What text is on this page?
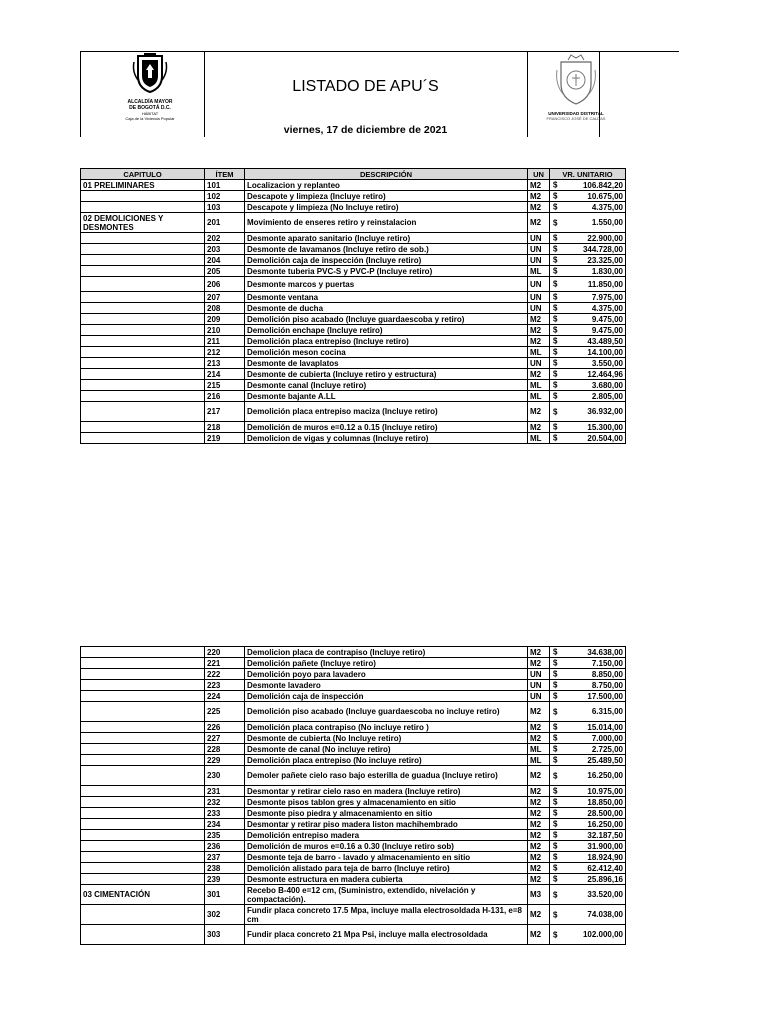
ALCALDÍA MAYOR
DE BOGOTÁ D.C.
HÁBITAT
Caja de la Vivienda Popular
LISTADO DE APU´S
viernes, 17 de diciembre de 2021
UNIVERSIDAD DISTRITAL
FRANCISCO JOSÉ DE CALDAS
CAPITULO	ÍTEM	DESCRIPCIÓN	UN	VR. UNITARIO
01 PRELIMINARES	101	Localizacion y replanteo	M2	$ 106.842,20

	102	Descapote y limpieza (Incluye retiro)	M2	$ 10.675,00

	103	Descapote y limpieza (No Incluye retiro)	M2	$ 4.375,00

02 DEMOLICIONES Y DESMONTES	201	Movimiento de enseres retiro y reinstalacion	M2	$ 1.550,00

	202	Desmonte aparato sanitario (Incluye retiro)	UN	$ 22.900,00

	203	Desmonte de lavamanos (Incluye retiro de sob.)	UN	$ 344.728,00

	204	Demolición caja de inspección (Incluye retiro)	UN	$ 23.325,00

	205	Desmonte tuberia PVC-S y PVC-P (Incluye retiro)	ML	$ 1.830,00

	206	Desmonte marcos y puertas	UN	$ 11.850,00

	207	Desmonte ventana	UN	$ 7.975,00

	208	Desmonte de ducha	UN	$ 4.375,00

	209	Demolición piso acabado (Incluye guardaescoba y retiro)	M2	$ 9.475,00

	210	Demolición enchape (Incluye retiro)	M2	$ 9.475,00

	211	Demolición placa entrepiso (Incluye retiro)	M2	$ 43.489,50

	212	Demolición meson cocina	ML	$ 14.100,00

	213	Desmonte de lavaplatos	UN	$ 3.550,00

	214	Desmonte de cubierta (Incluye retiro y estructura)	M2	$ 12.464,96

	215	Desmonte canal (Incluye retiro)	ML	$ 3.680,00

	216	Desmonte bajante A.LL	ML	$ 2.805,00

	217	Demolición placa entrepiso maciza (Incluye retiro)	M2	$ 36.932,00

	218	Demolición de muros e=0.12 a 0.15 (Incluye retiro)	M2	$ 15.300,00

	219	Demolicion de vigas y columnas (Incluye retiro)	ML	$ 20.504,00
	220	Demolicion placa de contrapiso (Incluye retiro)	M2	$ 34.638,00

	221	Demolición pañete (Incluye retiro)	M2	$ 7.150,00

	222	Demolición poyo para lavadero	UN	$ 8.850,00

	223	Desmonte lavadero	UN	$ 8.750,00

	224	Demolición caja de inspección	UN	$ 17.500,00

	225	Demolición piso acabado (Incluye guardaescoba no incluye retiro)	M2	$ 6.315,00

	226	Demolición placa contrapiso (No incluye retiro )	M2	$ 15.014,00

	227	Desmonte de cubierta (No Incluye retiro)	M2	$ 7.000,00

	228	Desmonte de canal (No incluye retiro)	ML	$ 2.725,00

	229	Demolición placa entrepiso (No incluye retiro)	ML	$ 25.489,50

	230	Demoler pañete cielo raso bajo esterilla de guadua (Incluye retiro)	M2	$ 16.250,00

	231	Desmontar y retirar cielo raso en madera (Incluye retiro)	M2	$ 10.975,00

	232	Desmonte pisos tablon gres y almacenamiento en sitio	M2	$ 18.850,00

	233	Desmonte piso piedra y almacenamiento en sitio	M2	$ 28.500,00

	234	Desmontar y retirar piso madera liston machihembrado	M2	$ 16.250,00

	235	Demolición entrepiso madera	M2	$ 32.187,50

	236	Demolición de muros e=0.16 a 0.30 (Incluye retiro sob)	M2	$ 31.900,00

	237	Desmonte teja de barro - lavado y almacenamiento en sitio	M2	$ 18.924,90

	238	Demolición alistado para teja de barro (Incluye retiro)	M2	$ 62.412,40

	239	Desmonte estructura en madera cubierta	M2	$ 25.896,16

03 CIMENTACIÓN	301	Recebo B-400 e=12 cm, (Suministro, extendido, nivelación y compactación).	M3	$ 33.520,00

	302	Fundir placa concreto 17.5 Mpa, incluye malla electrosoldada H-131, e=8 cm	M2	$ 74.038,00

	303	Fundir placa concreto 21 Mpa Psi, incluye malla electrosoldada	M2	$ 102.000,00
